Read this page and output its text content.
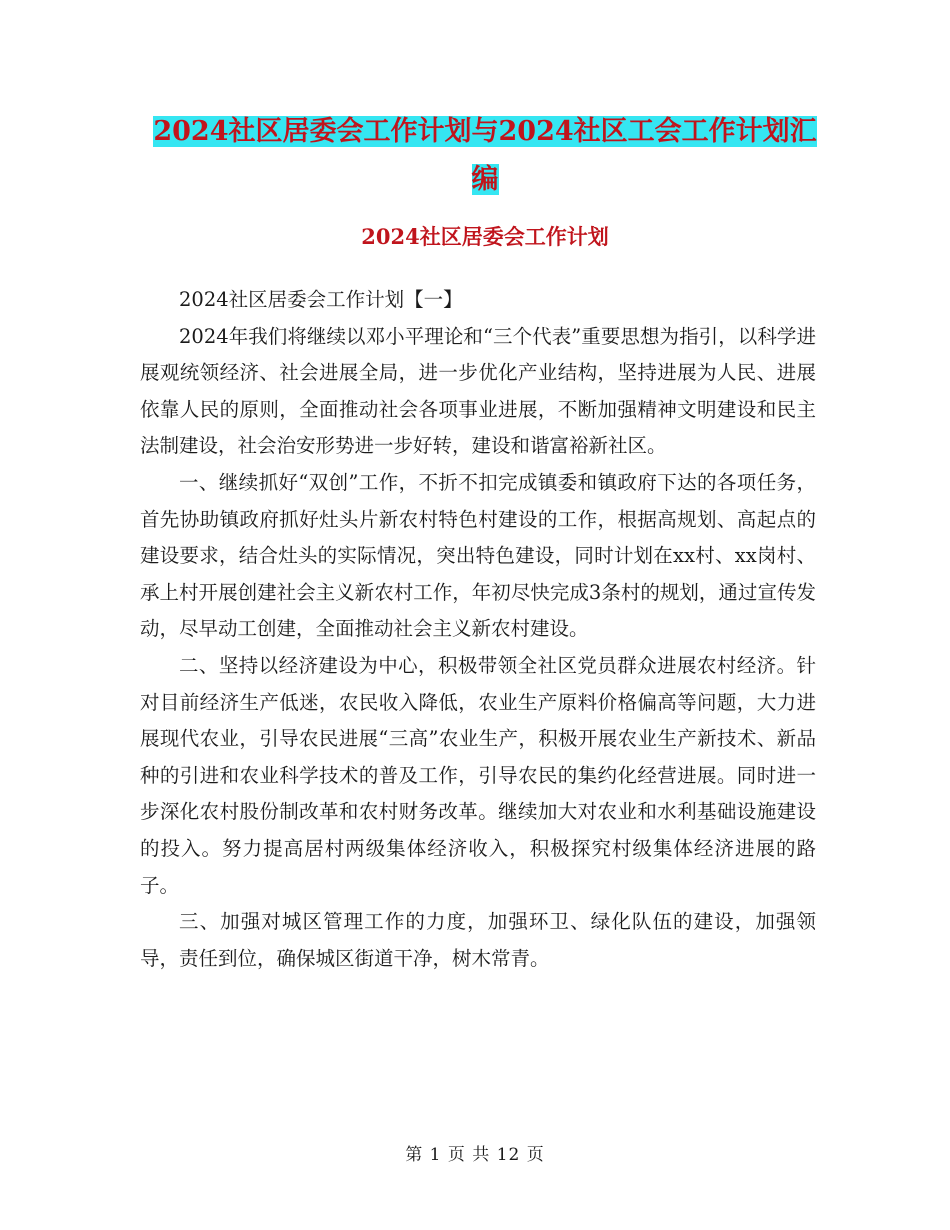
2024社区居委会工作计划与2024社区工会工作计划汇编
2024社区居委会工作计划

2024社区居委会工作计划【一】

2024年我们将继续以邓小平理论和“三个代表”重要思想为指引，以科学进展观统领经济、社会进展全局，进一步优化产业结构，坚持进展为人民、进展依靠人民的原则，全面推动社会各项事业进展，不断加强精神文明建设和民主法制建设，社会治安形势进一步好转，建设和谐富裕新社区。

一、继续抓好“双创”工作，不折不扣完成镇委和镇政府下达的各项任务，首先协助镇政府抓好灶头片新农村特色村建设的工作，根据高规划、高起点的建设要求，结合灶头的实际情况，突出特色建设，同时计划在xx村、xx岗村、承上村开展创建社会主义新农村工作，年初尽快完成3条村的规划，通过宣传发动，尽早动工创建，全面推动社会主义新农村建设。

二、坚持以经济建设为中心，积极带领全社区党员群众进展农村经济。针对目前经济生产低迷，农民收入降低，农业生产原料价格偏高等问题，大力进展现代农业，引导农民进展“三高”农业生产，积极开展农业生产新技术、新品种的引进和农业科学技术的普及工作，引导农民的集约化经营进展。同时进一步深化农村股份制改革和农村财务改革。继续加大对农业和水利基础设施建设的投入。努力提高居村两级集体经济收入，积极探究村级集体经济进展的路子。

三、加强对城区管理工作的力度，加强环卫、绿化队伍的建设，加强领导，责任到位，确保城区街道干净，树木常青。

第 1 页 共 12 页
